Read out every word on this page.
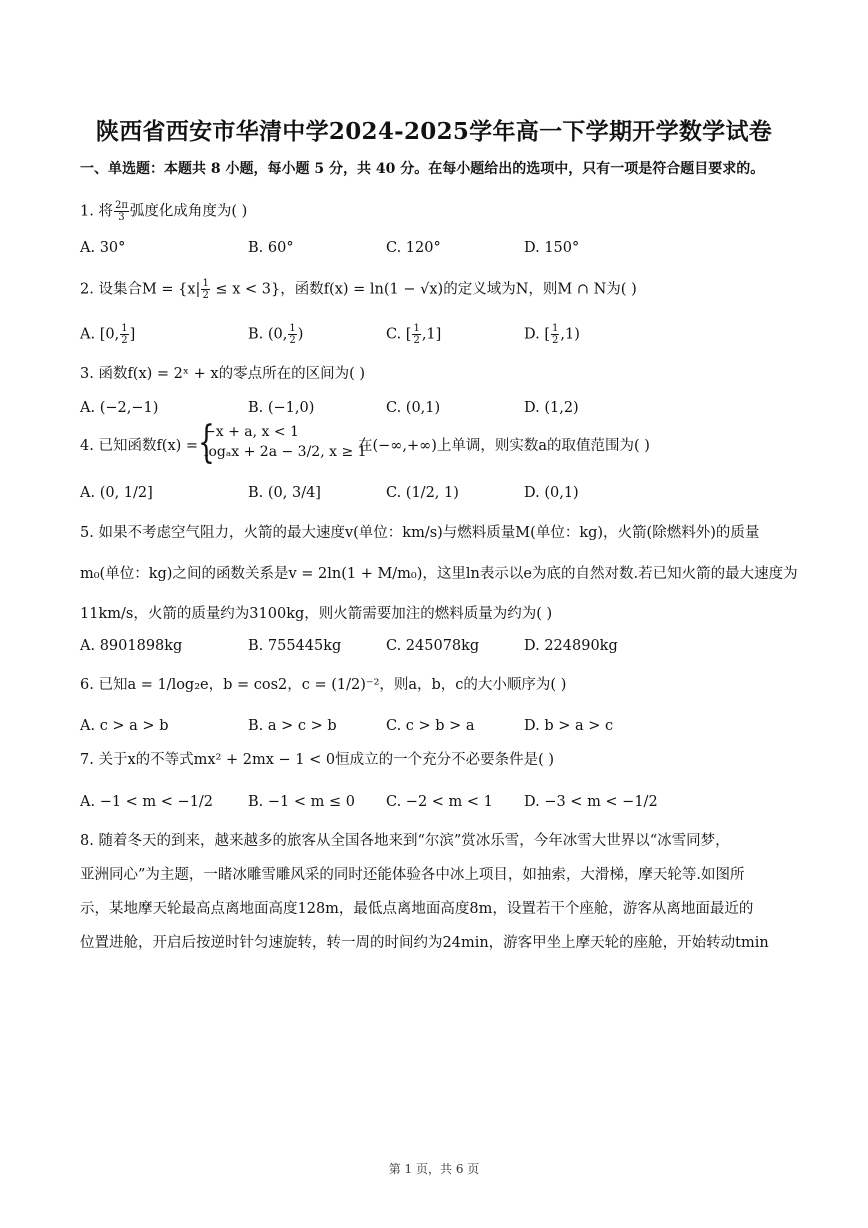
陕西省西安市华清中学2024-2025学年高一下学期开学数学试卷
一、单选题：本题共 8 小题，每小题 5 分，共 40 分。在每小题给出的选项中，只有一项是符合题目要求的。
1. 将 $\frac{2\pi}{3}$ 弧度化成角度为( )
A. 30°	B. 60°	C. 120°	D. 150°
2. 设集合$M = \{x| \frac{1}{2} \le x < 3\}$，函数f(x) = ln(1 − √x)的定义域为N，则M ∩ N为( )
A. [0, $\frac{1}{2}$ ]	B. (0, $\frac{1}{2}$ )	C. [ $\frac{1}{2} ,1$]	D. [ $\frac{1}{2} ,1$)
3. 函数f(x) = 2ˣ + x的零点所在的区间为( )
A. (−2,−1)	B. (−1,0)	C. (0,1)	D. (1,2)
4. 已知函数f(x) = {
−x + a, x < 1
logₐx + 2a − 3/2, x ≥ 1
在(−∞,+∞)上单调，则实数a的取值范围为( )
A. (0, 1/2]	B. (0, 3/4]	C. (1/2, 1)	D. (0,1)
5. 如果不考虑空气阻力，火箭的最大速度v(单位：km/s)与燃料质量M(单位：kg)，火箭(除燃料外)的质量
m₀(单位：kg)之间的函数关系是v = 2ln(1 + M/m₀)，这里ln表示以e为底的自然对数.若已知火箭的最大速度为
11km/s，火箭的质量约为3100kg，则火箭需要加注的燃料质量为约为( )
A. 8901898kg	B. 755445kg	C. 245078kg	D. 224890kg
6. 已知a = 1/log₂e，b = cos2，c = (1/2)⁻²，则a，b，c的大小顺序为( )
A. c > a > b	B. a > c > b	C. c > b > a	D. b > a > c
7. 关于x的不等式mx² + 2mx − 1 < 0恒成立的一个充分不必要条件是( )
A. −1 < m < −1/2 B. −1 < m ≤ 0 C. −2 < m < 1 D. −3 < m < −1/2
8. 随着冬天的到来，越来越多的旅客从全国各地来到“尔滨”赏冰乐雪，今年冰雪大世界以“冰雪同梦，
亚洲同心”为主题，一睹冰雕雪雕风采的同时还能体验各中冰上项目，如抽索，大滑梯，摩天轮等.如图所
示，某地摩天轮最高点离地面高度128m，最低点离地面高度8m，设置若干个座舱，游客从离地面最近的
位置进舱，开启后按逆时针匀速旋转，转一周的时间约为24min，游客甲坐上摩天轮的座舱，开始转动tmin
第 1 页，共 6 页
